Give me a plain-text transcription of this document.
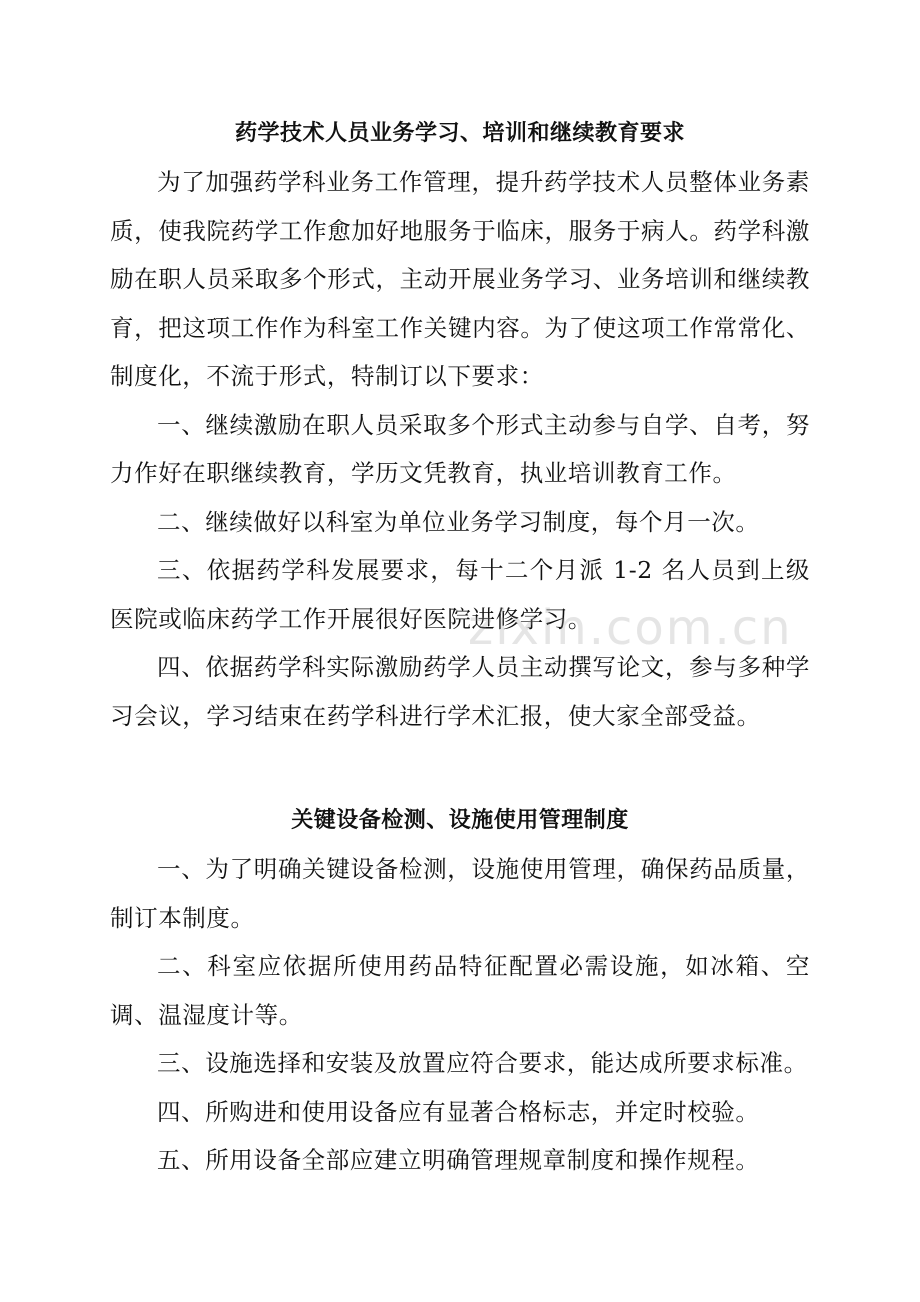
药学技术人员业务学习、培训和继续教育要求

为了加强药学科业务工作管理，提升药学技术人员整体业务素质，使我院药学工作愈加好地服务于临床，服务于病人。药学科激励在职人员采取多个形式，主动开展业务学习、业务培训和继续教育，把这项工作作为科室工作关键内容。为了使这项工作常常化、制度化，不流于形式，特制订以下要求：

一、继续激励在职人员采取多个形式主动参与自学、自考，努力作好在职继续教育，学历文凭教育，执业培训教育工作。

二、继续做好以科室为单位业务学习制度，每个月一次。

三、依据药学科发展要求，每十二个月派 1-2 名人员到上级医院或临床药学工作开展很好医院进修学习。

四、依据药学科实际激励药学人员主动撰写论文，参与多种学习会议，学习结束在药学科进行学术汇报，使大家全部受益。

关键设备检测、设施使用管理制度

一、为了明确关键设备检测，设施使用管理，确保药品质量，制订本制度。

二、科室应依据所使用药品特征配置必需设施，如冰箱、空调、温湿度计等。

三、设施选择和安装及放置应符合要求，能达成所要求标准。

四、所购进和使用设备应有显著合格标志，并定时校验。

五、所用设备全部应建立明确管理规章制度和操作规程。

zixin.com.cn
